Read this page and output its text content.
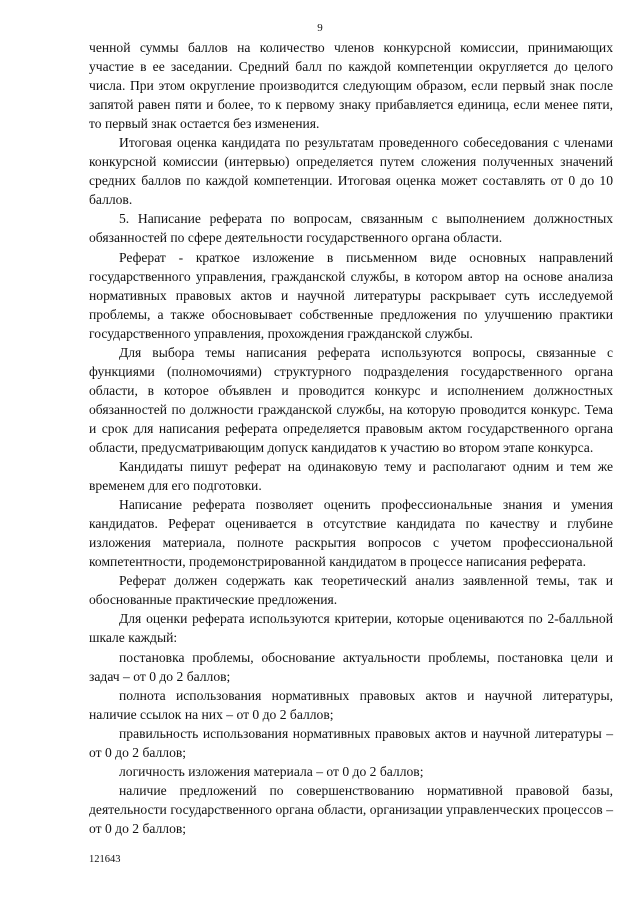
9

ченной суммы баллов на количество членов конкурсной комиссии, принимающих участие в ее заседании. Средний балл по каждой компетенции округляется до целого числа. При этом округление производится следующим образом, если первый знак после запятой равен пяти и более, то к первому знаку прибавляется единица, если менее пяти, то первый знак остается без изменения.

Итоговая оценка кандидата по результатам проведенного собеседования с членами конкурсной комиссии (интервью) определяется путем сложения полученных значений средних баллов по каждой компетенции. Итоговая оценка может составлять от 0 до 10 баллов.

5. Написание реферата по вопросам, связанным с выполнением должностных обязанностей по сфере деятельности государственного органа области.

Реферат - краткое изложение в письменном виде основных направлений государственного управления, гражданской службы, в котором автор на основе анализа нормативных правовых актов и научной литературы раскрывает суть исследуемой проблемы, а также обосновывает собственные предложения по улучшению практики государственного управления, прохождения гражданской службы.

Для выбора темы написания реферата используются вопросы, связанные с функциями (полномочиями) структурного подразделения государственного органа области, в которое объявлен и проводится конкурс и исполнением должностных обязанностей по должности гражданской службы, на которую проводится конкурс. Тема и срок для написания реферата определяется правовым актом государственного органа области, предусматривающим допуск кандидатов к участию во втором этапе конкурса.

Кандидаты пишут реферат на одинаковую тему и располагают одним и тем же временем для его подготовки.

Написание реферата позволяет оценить профессиональные знания и умения кандидатов. Реферат оценивается в отсутствие кандидата по качеству и глубине изложения материала, полноте раскрытия вопросов с учетом профессиональной компетентности, продемонстрированной кандидатом в процессе написания реферата.

Реферат должен содержать как теоретический анализ заявленной темы, так и обоснованные практические предложения.

Для оценки реферата используются критерии, которые оцениваются по 2-балльной шкале каждый:

постановка проблемы, обоснование актуальности проблемы, постановка цели и задач – от 0 до 2 баллов;

полнота использования нормативных правовых актов и научной литературы, наличие ссылок на них – от 0 до 2 баллов;

правильность использования нормативных правовых актов и научной литературы – от 0 до 2 баллов;

логичность изложения материала – от 0 до 2 баллов;

наличие предложений по совершенствованию нормативной правовой базы, деятельности государственного органа области, организации управленческих процессов – от 0 до 2 баллов;

121643
